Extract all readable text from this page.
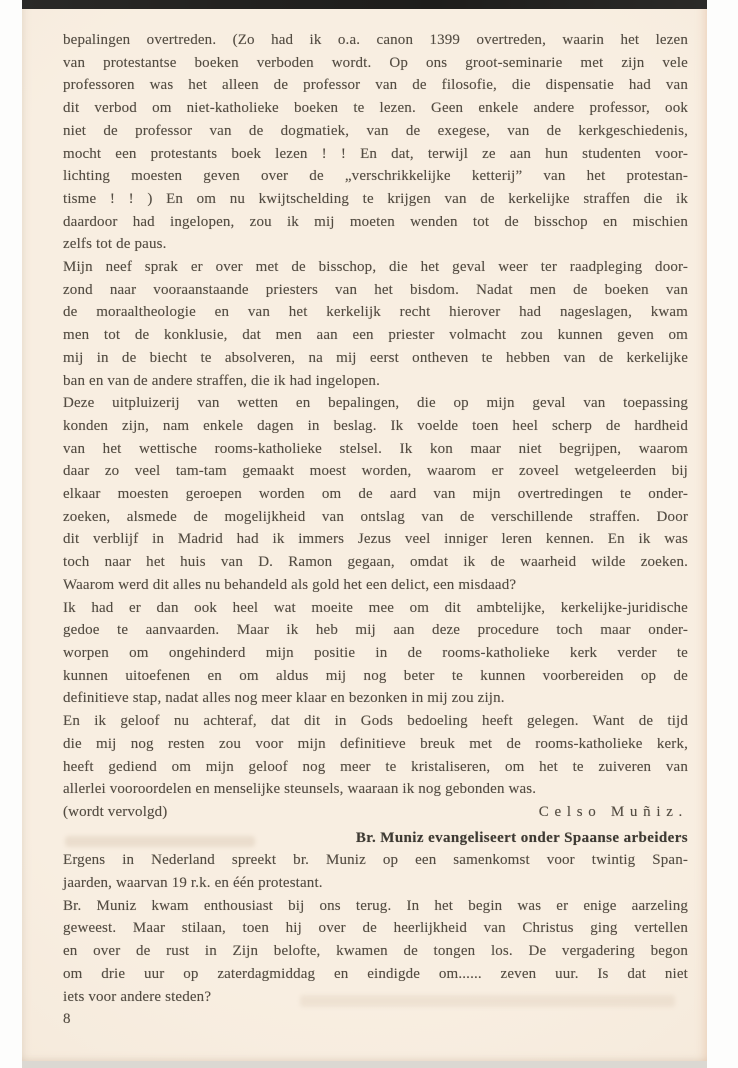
bepalingen overtreden. (Zo had ik o.a. canon 1399 overtreden, waarin het lezen
van protestantse boeken verboden wordt. Op ons groot-seminarie met zijn vele
professoren was het alleen de professor van de filosofie, die dispensatie had van
dit verbod om niet-katholieke boeken te lezen. Geen enkele andere professor, ook
niet de professor van de dogmatiek, van de exegese, van de kerkgeschiedenis,
mocht een protestants boek lezen ! ! En dat, terwijl ze aan hun studenten voor-
lichting moesten geven over de „verschrikkelijke ketterij” van het protestan-
tisme ! ! ) En om nu kwijtschelding te krijgen van de kerkelijke straffen die ik
daardoor had ingelopen, zou ik mij moeten wenden tot de bisschop en mischien
zelfs tot de paus.
Mijn neef sprak er over met de bisschop, die het geval weer ter raadpleging door-
zond naar vooraanstaande priesters van het bisdom. Nadat men de boeken van
de moraaltheologie en van het kerkelijk recht hierover had nageslagen, kwam
men tot de konklusie, dat men aan een priester volmacht zou kunnen geven om
mij in de biecht te absolveren, na mij eerst ontheven te hebben van de kerkelijke
ban en van de andere straffen, die ik had ingelopen.
Deze uitpluizerij van wetten en bepalingen, die op mijn geval van toepassing
konden zijn, nam enkele dagen in beslag. Ik voelde toen heel scherp de hardheid
van het wettische rooms-katholieke stelsel. Ik kon maar niet begrijpen, waarom
daar zo veel tam-tam gemaakt moest worden, waarom er zoveel wetgeleerden bij
elkaar moesten geroepen worden om de aard van mijn overtredingen te onder-
zoeken, alsmede de mogelijkheid van ontslag van de verschillende straffen. Door
dit verblijf in Madrid had ik immers Jezus veel inniger leren kennen. En ik was
toch naar het huis van D. Ramon gegaan, omdat ik de waarheid wilde zoeken.
Waarom werd dit alles nu behandeld als gold het een delict, een misdaad?
Ik had er dan ook heel wat moeite mee om dit ambtelijke, kerkelijke-juridische
gedoe te aanvaarden. Maar ik heb mij aan deze procedure toch maar onder-
worpen om ongehinderd mijn positie in de rooms-katholieke kerk verder te
kunnen uitoefenen en om aldus mij nog beter te kunnen voorbereiden op de
definitieve stap, nadat alles nog meer klaar en bezonken in mij zou zijn.
En ik geloof nu achteraf, dat dit in Gods bedoeling heeft gelegen. Want de tijd
die mij nog resten zou voor mijn definitieve breuk met de rooms-katholieke kerk,
heeft gediend om mijn geloof nog meer te kristaliseren, om het te zuiveren van
allerlei vooroordelen en menselijke steunsels, waaraan ik nog gebonden was.
(wordt vervolgd)	Celso Muñiz.
Br. Muniz evangeliseert onder Spaanse arbeiders
Ergens in Nederland spreekt br. Muniz op een samenkomst voor twintig Span-
jaarden, waarvan 19 r.k. en één protestant.
Br. Muniz kwam enthousiast bij ons terug. In het begin was er enige aarzeling
geweest. Maar stilaan, toen hij over de heerlijkheid van Christus ging vertellen
en over de rust in Zijn belofte, kwamen de tongen los. De vergadering begon
om drie uur op zaterdagmiddag en eindigde om...... zeven uur. Is dat niet
iets voor andere steden?
8
